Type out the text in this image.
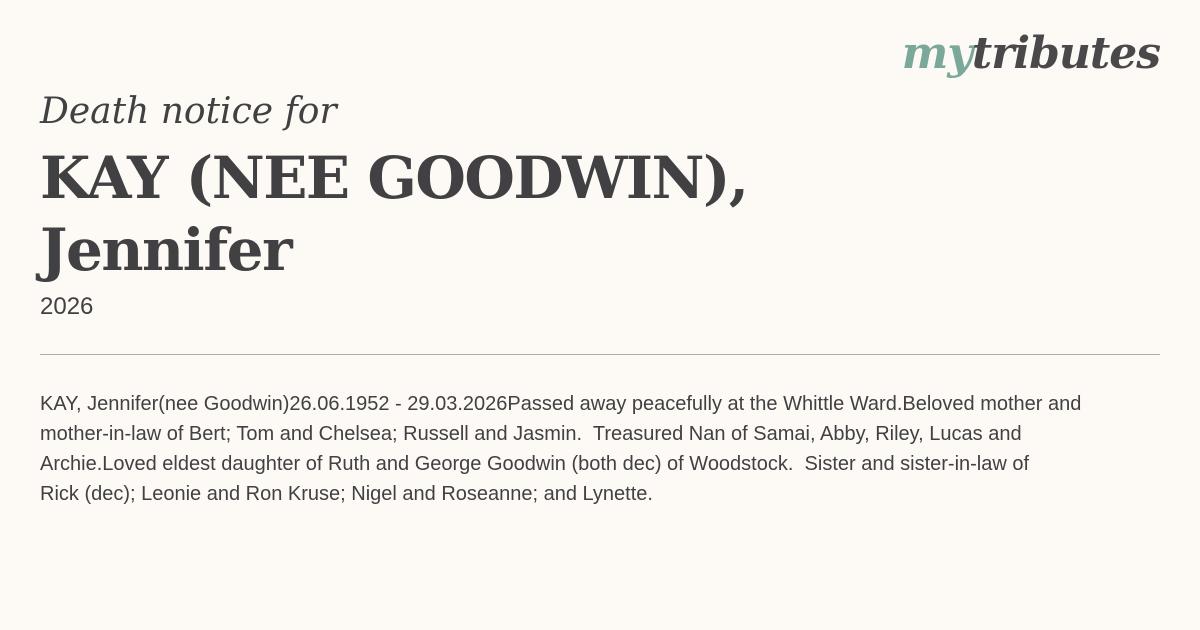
mytributes

Death notice for

KAY (NEE GOODWIN),
Jennifer

2026

KAY, Jennifer(nee Goodwin)26.06.1952 - 29.03.2026Passed away peacefully at the Whittle Ward.Beloved mother and
mother-in-law of Bert; Tom and Chelsea; Russell and Jasmin.  Treasured Nan of Samai, Abby, Riley, Lucas and
Archie.Loved eldest daughter of Ruth and George Goodwin (both dec) of Woodstock.  Sister and sister-in-law of
Rick (dec); Leonie and Ron Kruse; Nigel and Roseanne; and Lynette.
